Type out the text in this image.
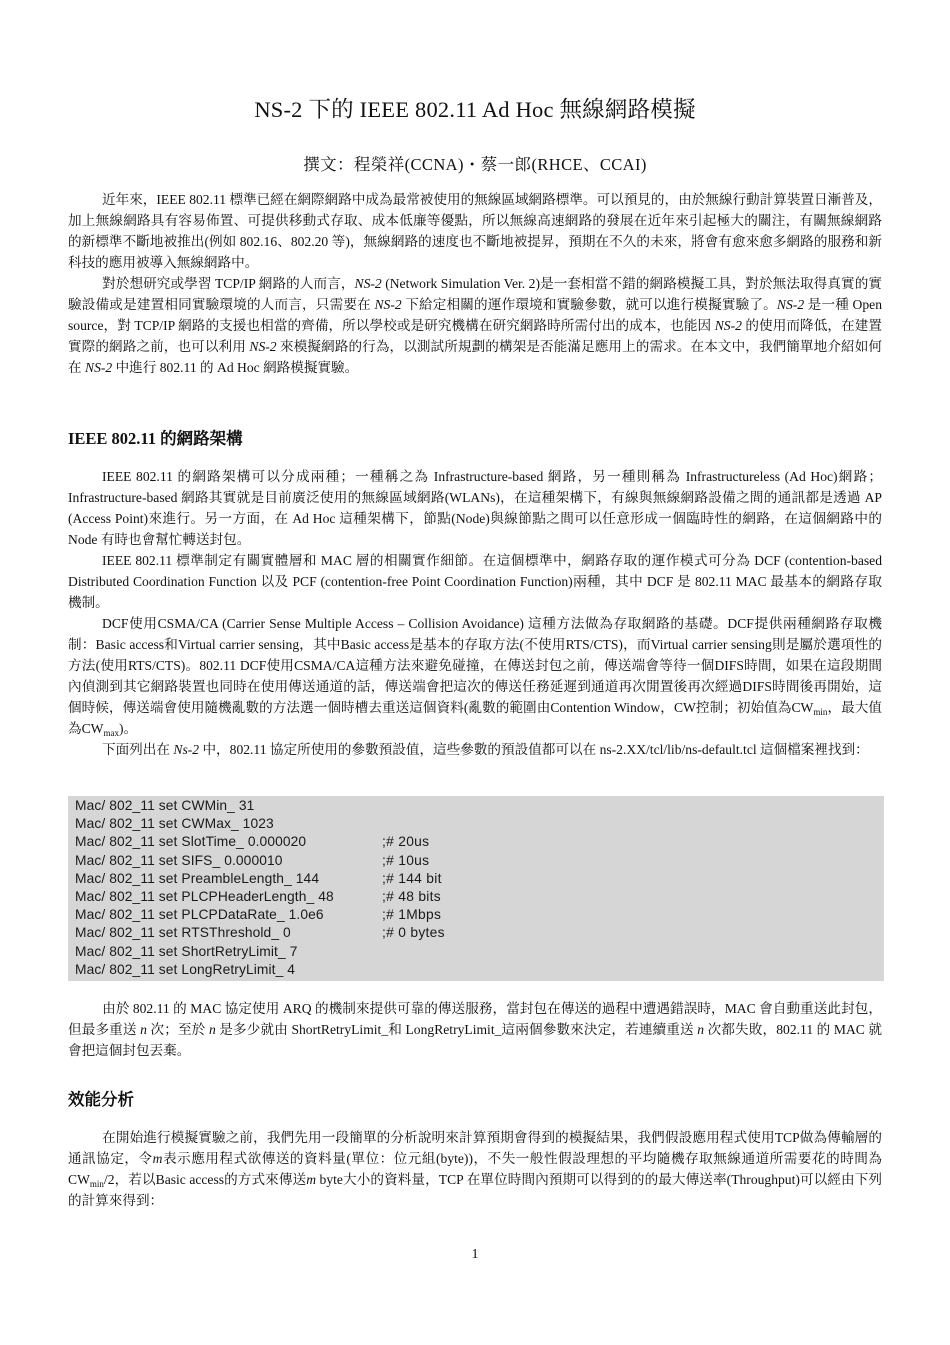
NS-2 下的 IEEE 802.11 Ad Hoc 無線網路模擬
撰文：程榮祥(CCNA)・蔡一郎(RHCE、CCAI)

近年來，IEEE 802.11 標準已經在網際網路中成為最常被使用的無線區域網路標準。可以預見的，由於無線行動計算裝置日漸普及，加上無線網路具有容易佈置、可提供移動式存取、成本低廉等優點，所以無線高速網路的發展在近年來引起極大的關注，有關無線網路的新標準不斷地被推出(例如 802.16、802.20 等)，無線網路的速度也不斷地被提昇，預期在不久的未來，將會有愈來愈多網路的服務和新科技的應用被導入無線網路中。

對於想研究或學習 TCP/IP 網路的人而言，NS-2 (Network Simulation Ver. 2)是一套相當不錯的網路模擬工具，對於無法取得真實的實驗設備或是建置相同實驗環境的人而言，只需要在 NS-2 下給定相關的運作環境和實驗參數，就可以進行模擬實驗了。NS-2 是一種 Open source，對 TCP/IP 網路的支援也相當的齊備，所以學校或是研究機構在研究網路時所需付出的成本，也能因 NS-2 的使用而降低，在建置實際的網路之前，也可以利用 NS-2 來模擬網路的行為，以測試所規劃的構架是否能滿足應用上的需求。在本文中，我們簡單地介紹如何在 NS-2 中進行 802.11 的 Ad Hoc 網路模擬實驗。

IEEE 802.11 的網路架構

IEEE 802.11 的網路架構可以分成兩種；一種稱之為 Infrastructure-based 網路，另一種則稱為 Infrastructureless (Ad Hoc)網路；Infrastructure-based 網路其實就是目前廣泛使用的無線區域網路(WLANs)，在這種架構下，有線與無線網路設備之間的通訊都是透過 AP (Access Point)來進行。另一方面，在 Ad Hoc 這種架構下，節點(Node)與線節點之間可以任意形成一個臨時性的網路，在這個網路中的 Node 有時也會幫忙轉送封包。

IEEE 802.11 標準制定有關實體層和 MAC 層的相關實作細節。在這個標準中，網路存取的運作模式可分為 DCF (contention-based Distributed Coordination Function 以及 PCF (contention-free Point Coordination Function)兩種，其中 DCF 是 802.11 MAC 最基本的網路存取機制。

DCF使用CSMA/CA (Carrier Sense Multiple Access – Collision Avoidance) 這種方法做為存取網路的基礎。DCF提供兩種網路存取機制：Basic access和Virtual carrier sensing，其中Basic access是基本的存取方法(不使用RTS/CTS)，而Virtual carrier sensing則是屬於選項性的方法(使用RTS/CTS)。802.11 DCF使用CSMA/CA這種方法來避免碰撞，在傳送封包之前，傳送端會等待一個DIFS時間，如果在這段期間內偵測到其它網路裝置也同時在使用傳送通道的話，傳送端會把這次的傳送任務延遲到通道再次閒置後再次經過DIFS時間後再開始，這個時候，傳送端會使用隨機亂數的方法選一個時槽去重送這個資料(亂數的範圍由Contention Window，CW控制；初始值為$CW_{min}$，最大值為$CW_{max}$)。

下面列出在 Ns-2 中，802.11 協定所使用的參數預設值，這些參數的預設值都可以在 ns-2.XX/tcl/lib/ns-default.tcl 這個檔案裡找到：

Mac/ 802_11 set CWMin_ 31
Mac/ 802_11 set CWMax_ 1023
Mac/ 802_11 set SlotTime_ 0.000020	;# 20us
Mac/ 802_11 set SIFS_ 0.000010	;# 10us
Mac/ 802_11 set PreambleLength_ 144	;# 144 bit
Mac/ 802_11 set PLCPHeaderLength_ 48	;# 48 bits
Mac/ 802_11 set PLCPDataRate_ 1.0e6	;# 1Mbps
Mac/ 802_11 set RTSThreshold_ 0	;# 0 bytes
Mac/ 802_11 set ShortRetryLimit_ 7
Mac/ 802_11 set LongRetryLimit_ 4

由於 802.11 的 MAC 協定使用 ARQ 的機制來提供可靠的傳送服務，當封包在傳送的過程中遭遇錯誤時，MAC 會自動重送此封包，但最多重送 n 次；至於 n 是多少就由 ShortRetryLimit_和 LongRetryLimit_這兩個參數來決定，若連續重送 n 次都失敗，802.11 的 MAC 就會把這個封包丟棄。

效能分析

在開始進行模擬實驗之前，我們先用一段簡單的分析說明來計算預期會得到的模擬結果，我們假設應用程式使用TCP做為傳輸層的通訊協定，令m表示應用程式欲傳送的資料量(單位：位元組(byte))，不失一般性假設理想的平均隨機存取無線通道所需要花的時間為$CW_{min}/2$，若以Basic access的方式來傳送m byte大小的資料量，TCP 在單位時間內預期可以得到的的最大傳送率(Throughput)可以經由下列的計算來得到：

1
